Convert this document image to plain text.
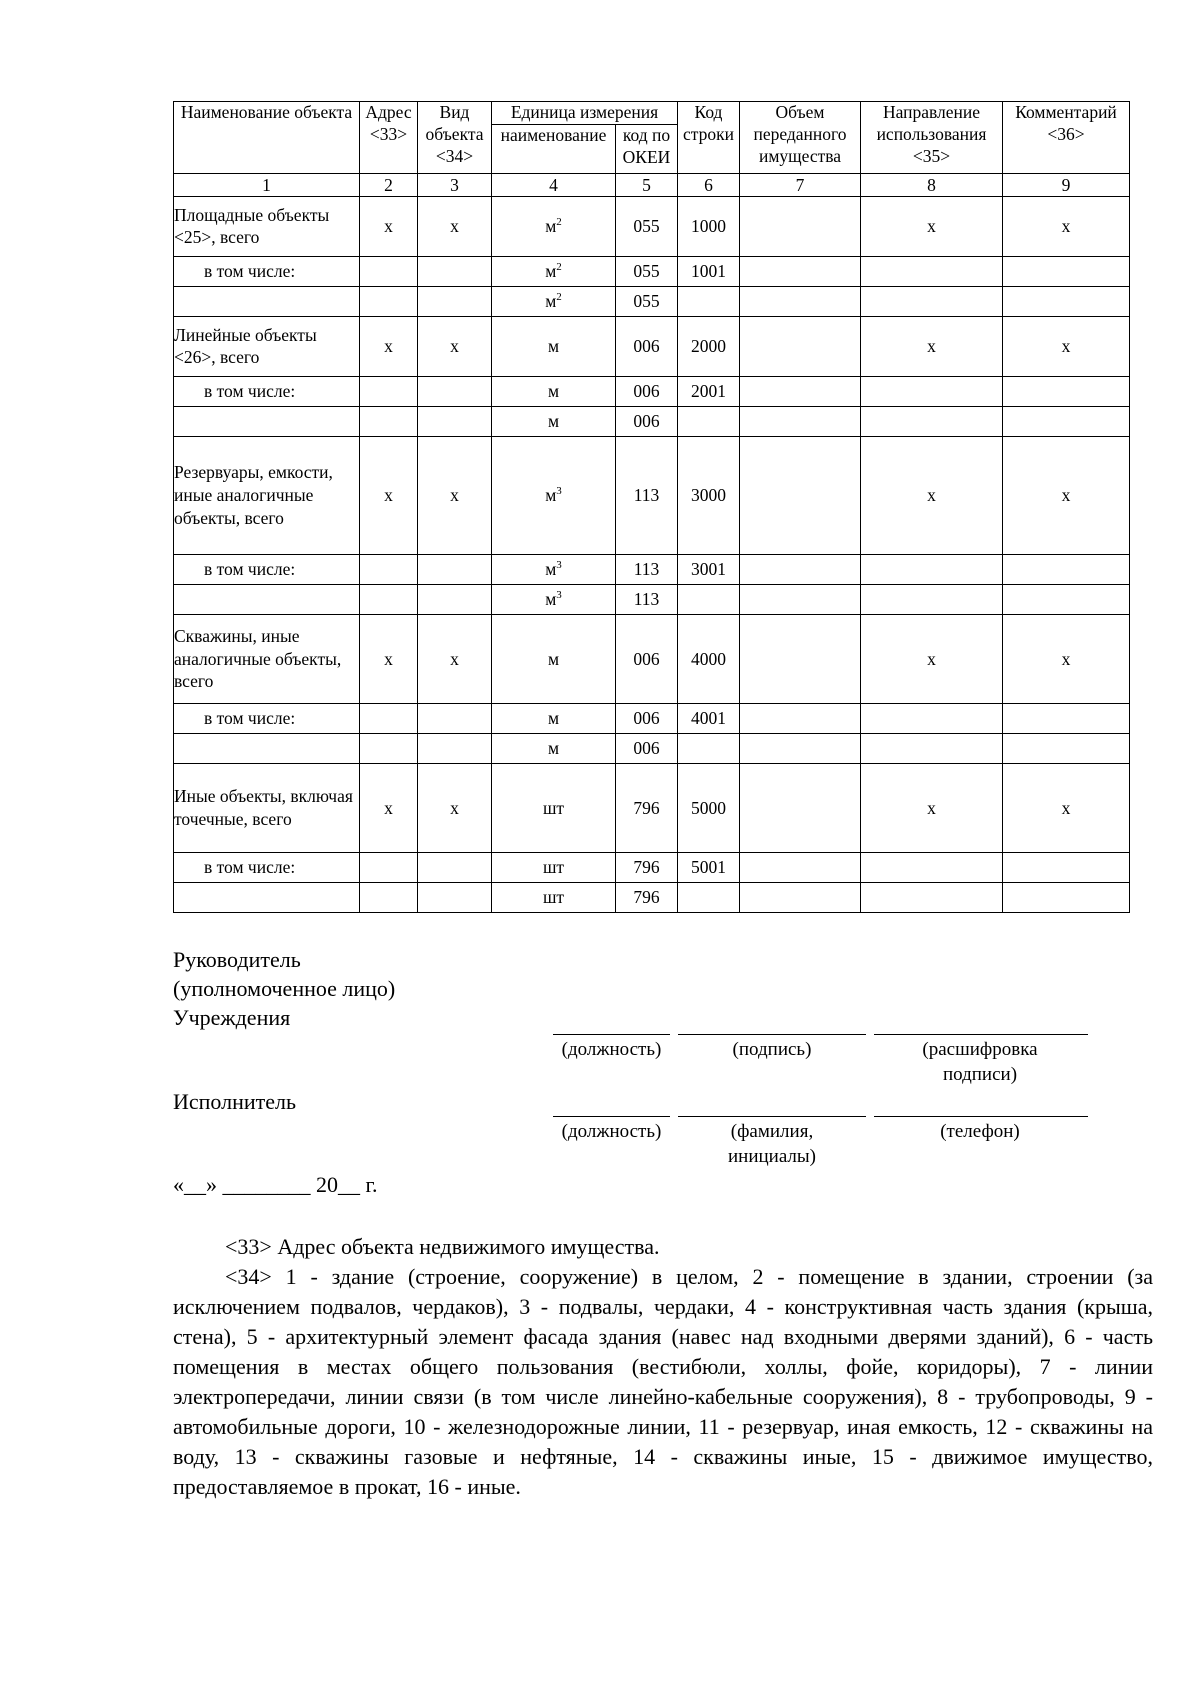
Наименование объекта	Адрес <33>	Вид объекта <34>	Единица измерения		Код строки	Объем переданного имущества	Направление использования <35>	Комментарий <36>
			наименование	код по ОКЕИ				
1	2	3	4	5	6	7	8	9
Площадные объекты <25>, всего	х	х	$м^2$	055	1000		х	х
в том числе:			$м^2$	055	1001			
			$м^2$	055				
Линейные объекты <26>, всего	х	х	м	006	2000		х	х
в том числе:			м	006	2001			
			м	006				
Резервуары, емкости, иные аналогичные объекты, всего	х	х	$м^3$	113	3000		х	х
в том числе:			$м^3$	113	3001			
			$м^3$	113				
Скважины, иные аналогичные объекты, всего	х	х	м	006	4000		х	х
в том числе:			м	006	4001			
			м	006				
Иные объекты, включая точечные, всего	х	х	шт	796	5000		х	х
в том числе:			шт	796	5001			
			шт	796				
Руководитель
(уполномоченное лицо)
Учреждения
(должность)	(подпись)	(расшифровка подписи)
Исполнитель
(должность)	(фамилия, инициалы)
(телефон)
«__» ________ 20__ г.

<33> Адрес объекта недвижимого имущества.

<34> 1 - здание (строение, сооружение) в целом, 2 - помещение в здании, строении (за исключением подвалов, чердаков), 3 - подвалы, чердаки, 4 - конструктивная часть здания (крыша, стена), 5 - архитектурный элемент фасада здания (навес над входными дверями зданий), 6 - часть помещения в местах общего пользования (вестибюли, холлы, фойе, коридоры), 7 - линии электропередачи, линии связи (в том числе линейно-кабельные сооружения), 8 - трубопроводы, 9 - автомобильные дороги, 10 - железнодорожные линии, 11 - резервуар, иная емкость, 12 - скважины на воду, 13 - скважины газовые и нефтяные, 14 - скважины иные, 15 - движимое имущество, предоставляемое в прокат, 16 - иные.
